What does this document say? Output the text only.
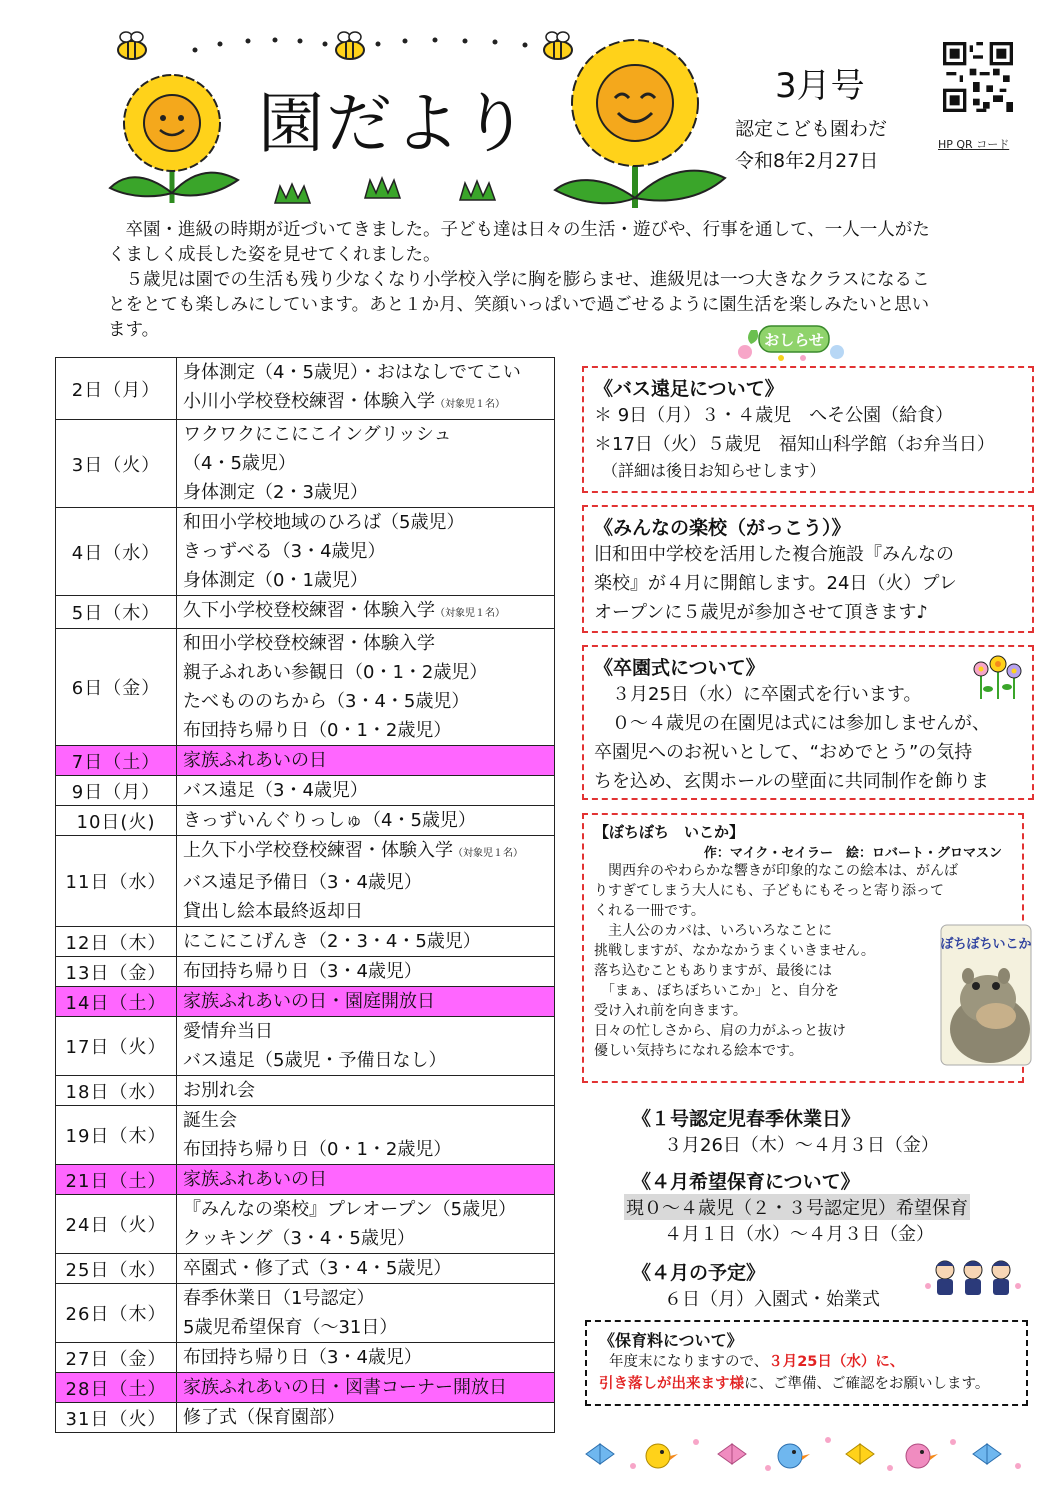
園だより	3月号
認定こども園わだ
令和8年2月27日
HP QR コード
　卒園・進級の時期が近づいてきました。子ども達は日々の生活・遊びや、行事を通して、一人一人がた
くましく成長した姿を見せてくれました。
　５歳児は園での生活も残り少なくなり小学校入学に胸を膨らませ、進級児は一つ大きなクラスになるこ
とをとても楽しみにしています。あと１か月、笑顔いっぱいで過ごせるように園生活を楽しみたいと思い
ます。	おしらせ
2日（月）	身体測定（4・5歳児）・おはなしでてこい
小川小学校登校練習・体験入学（対象児１名）

3日（火）	ワクワクにこにこイングリッシュ
（4・5歳児）
身体測定（2・3歳児）

4日（水）	和田小学校地域のひろば（5歳児）
きっずべる（3・4歳児）
身体測定（0・1歳児）

5日（木）	久下小学校登校練習・体験入学（対象児１名）

6日（金）	和田小学校登校練習・体験入学
親子ふれあい参観日（0・1・2歳児）
たべもののちから（3・4・5歳児）
布団持ち帰り日（0・1・2歳児）

7日（土）	家族ふれあいの日

9日（月）	バス遠足（3・4歳児）

10日(火)	きっずいんぐりっしゅ（4・5歳児）

11日（水）	上久下小学校登校練習・体験入学（対象児１名）
バス遠足予備日（3・4歳児）
貸出し絵本最終返却日

12日（木）	にこにこげんき（2・3・4・5歳児）

13日（金）	布団持ち帰り日（3・4歳児）

14日（土）	家族ふれあいの日・園庭開放日

17日（火）	愛情弁当日
バス遠足（5歳児・予備日なし）

18日（水）	お別れ会

19日（木）	誕生会
布団持ち帰り日（0・1・2歳児）

21日（土）	家族ふれあいの日

24日（火）	『みんなの楽校』プレオープン（5歳児）
クッキング（3・4・5歳児）

25日（水）	卒園式・修了式（3・4・5歳児）

26日（木）	春季休業日（1号認定）
5歳児希望保育（～31日）

27日（金）	布団持ち帰り日（3・4歳児）

28日（土）	家族ふれあいの日・図書コーナー開放日

31日（火）	修了式（保育園部）
《バス遠足について》
＊ 9日（月）３・４歳児　へそ公園（給食）
＊17日（火）５歳児　福知山科学館（お弁当日）
　（詳細は後日お知らせします）
《みんなの楽校（がっこう）》
旧和田中学校を活用した複合施設『みんなの
楽校』が４月に開館します。24日（火）プレ
オープンに５歳児が参加させて頂きます♪
《卒園式について》
　３月25日（水）に卒園式を行います。
　０～４歳児の在園児は式には参加しませんが、
卒園児へのお祝いとして、“おめでとう”の気持
ちを込め、玄関ホールの壁面に共同制作を飾りま
【ぼちぼち　いこか】
作：マイク・セイラー　絵：ロバート・グロマスン
　関西弁のやわらかな響きが印象的なこの絵本は、がんば
りすぎてしまう大人にも、子どもにもそっと寄り添って
くれる一冊です。
　主人公のカバは、いろいろなことに
挑戦しますが、なかなかうまくいきません。
落ち込むこともありますが、最後には
　「まぁ、ぼちぼちいこか」と、自分を
受け入れ前を向きます。
日々の忙しさから、肩の力がふっと抜け
優しい気持ちになれる絵本です。
ぼちぼちいこか
《１号認定児春季休業日》
３月26日（木）～４月３日（金）
《４月希望保育について》
現０～４歳児（２・３号認定児）希望保育
４月１日（水）～４月３日（金）
《４月の予定》
６日（月）入園式・始業式
《保育料について》
年度末になりますので、３月25日（水）に、
引き落しが出来ます様に、ご準備、ご確認をお願いします。
